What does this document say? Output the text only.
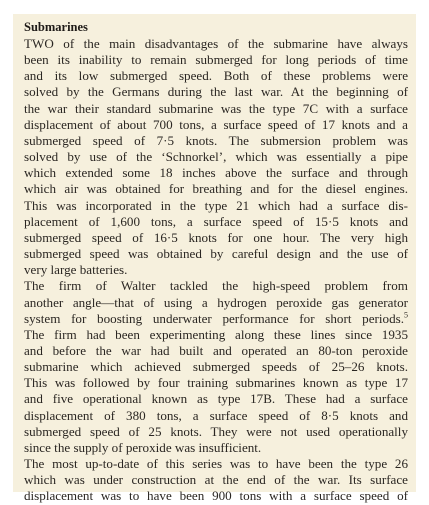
Submarines
TWO of the main disadvantages of the submarine have always
been its inability to remain submerged for long periods of time
and its low submerged speed. Both of these problems were
solved by the Germans during the last war. At the beginning of
the war their standard submarine was the type 7C with a surface
displacement of about 700 tons, a surface speed of 17 knots and a
submerged speed of 7·5 knots. The submersion problem was
solved by use of the ‘Schnorkel’, which was essentially a pipe
which extended some 18 inches above the surface and through
which air was obtained for breathing and for the diesel engines.
This was incorporated in the type 21 which had a surface dis-
placement of 1,600 tons, a surface speed of 15·5 knots and
submerged speed of 16·5 knots for one hour. The very high
submerged speed was obtained by careful design and the use of
very large batteries.
The firm of Walter tackled the high-speed problem from
another angle—that of using a hydrogen peroxide gas generator
system for boosting underwater performance for short periods.$^5$
The firm had been experimenting along these lines since 1935
and before the war had built and operated an 80-ton peroxide
submarine which achieved submerged speeds of 25–26 knots.
This was followed by four training submarines known as type 17
and five operational known as type 17B. These had a surface
displacement of 380 tons, a surface speed of 8·5 knots and
submerged speed of 25 knots. They were not used operationally
since the supply of peroxide was insufficient.
The most up-to-date of this series was to have been the type 26
which was under construction at the end of the war. Its surface
displacement was to have been 900 tons with a surface speed of
